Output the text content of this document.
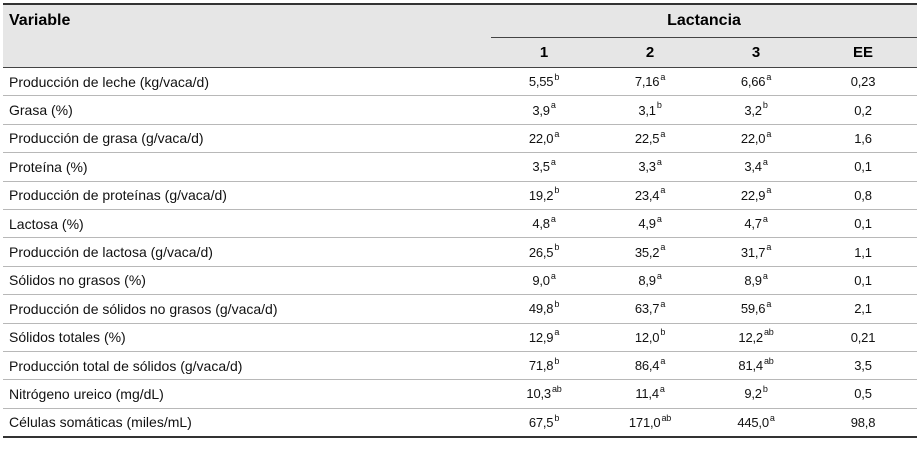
Variable	Lactancia			
	1	2	3	EE
Producción de leche (kg/vaca/d)	5,55$^b$	7,16$^a$	6,66$^a$	0,23
Grasa (%)	3,9$^a$	3,1$^b$	3,2$^b$	0,2
Producción de grasa (g/vaca/d)	22,0$^a$	22,5$^a$	22,0$^a$	1,6
Proteína (%)	3,5$^a$	3,3$^a$	3,4$^a$	0,1
Producción de proteínas (g/vaca/d)	19,2$^b$	23,4$^a$	22,9$^a$	0,8
Lactosa (%)	4,8$^a$	4,9$^a$	4,7$^a$	0,1
Producción de lactosa (g/vaca/d)	26,5$^b$	35,2$^a$	31,7$^a$	1,1
Sólidos no grasos (%)	9,0$^a$	8,9$^a$	8,9$^a$	0,1
Producción de sólidos no grasos (g/vaca/d)	49,8$^b$	63,7$^a$	59,6$^a$	2,1
Sólidos totales (%)	12,9$^a$	12,0$^b$	12,2$^{ab}$	0,21
Producción total de sólidos (g/vaca/d)	71,8$^b$	86,4$^a$	81,4$^{ab}$	3,5
Nitrógeno ureico (mg/dL)	10,3$^{ab}$	11,4$^a$	9,2$^b$	0,5
Células somáticas (miles/mL)	67,5$^b$	171,0$^{ab}$	445,0$^a$	98,8
